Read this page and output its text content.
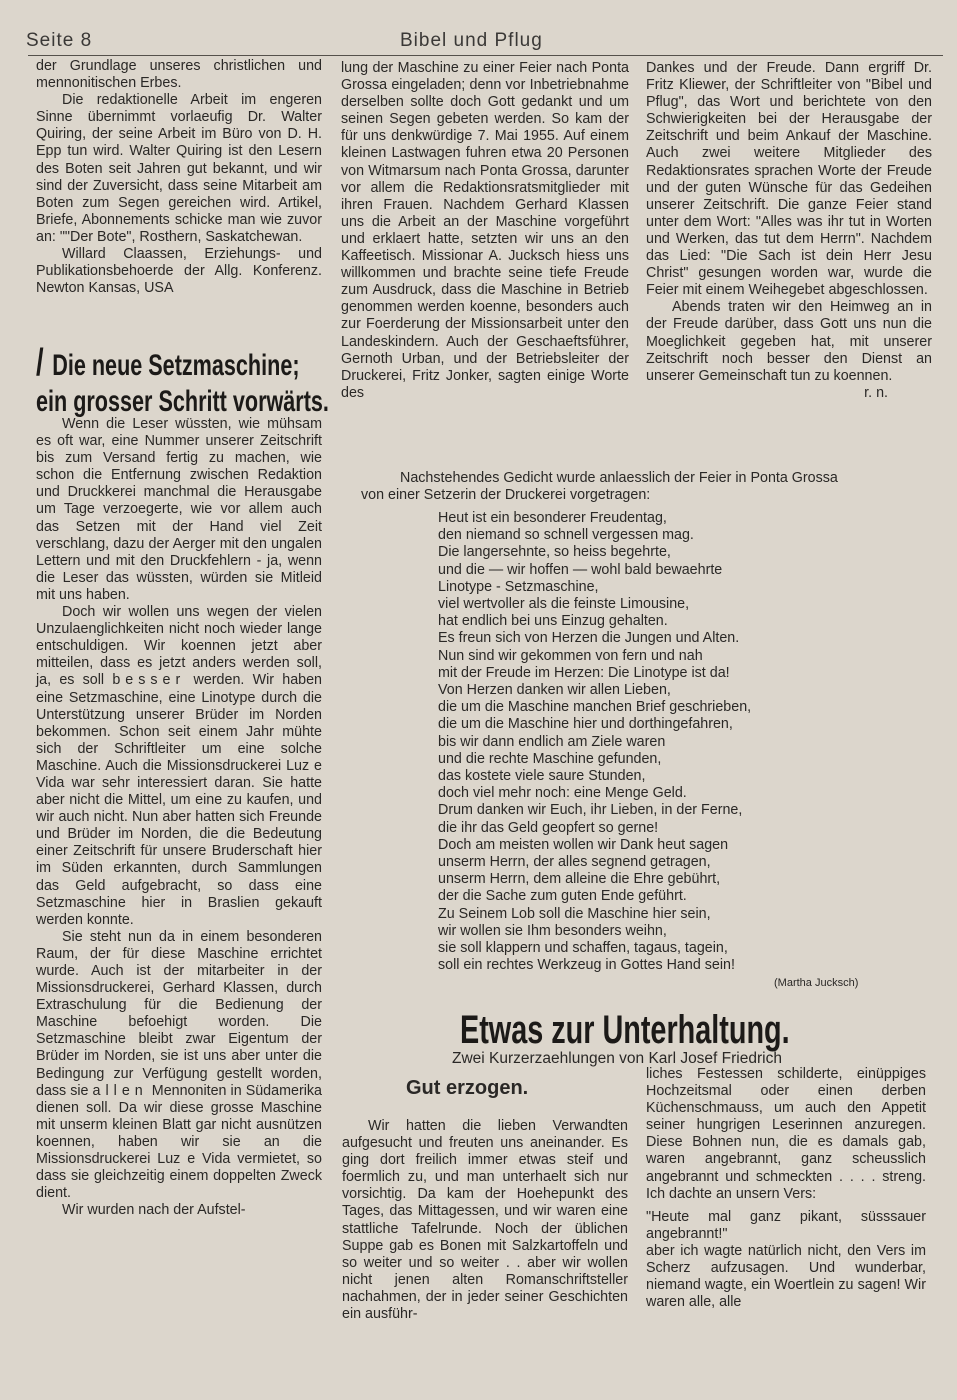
Seite 8	Bibel und Pflug

der Grundlage unseres christlichen und mennonitischen Erbes.

Die redaktionelle Arbeit im engeren Sinne übernimmt vorlaeufig Dr. Walter Quiring, der seine Arbeit im Büro von D. H. Epp tun wird. Walter Quiring ist den Lesern des Boten seit Jahren gut bekannt, und wir sind der Zuversicht, dass seine Mitarbeit am Boten zum Segen gereichen wird. Artikel, Briefe, Abonnements schicke man wie zuvor an: ""Der Bote", Rosthern, Saskatchewan.

Willard Claassen, Erziehungs- und Publikationsbehoerde der Allg. Konferenz. Newton Kansas, USA

/ Die neue Setzmaschine;
ein grosser Schritt vorwärts.

Wenn die Leser wüssten, wie mühsam es oft war, eine Nummer unserer Zeitschrift bis zum Versand fertig zu machen, wie schon die Entfernung zwischen Redaktion und Druckkerei manchmal die Herausgabe um Tage verzoegerte, wie vor allem auch das Setzen mit der Hand viel Zeit verschlang, dazu der Aerger mit den ungalen Lettern und mit den Druckfehlern - ja, wenn die Leser das wüssten, würden sie Mitleid mit uns haben.

Doch wir wollen uns wegen der vielen Unzulaenglichkeiten nicht noch wieder lange entschuldigen. Wir koennen jetzt aber mitteilen, dass es jetzt anders werden soll, ja, es soll besser werden. Wir haben eine Setzmaschine, eine Linotype durch die Unterstützung unserer Brüder im Norden bekommen. Schon seit einem Jahr mühte sich der Schriftleiter um eine solche Maschine. Auch die Missionsdruckerei Luz e Vida war sehr interessiert daran. Sie hatte aber nicht die Mittel, um eine zu kaufen, und wir auch nicht. Nun aber hatten sich Freunde und Brüder im Norden, die die Bedeutung einer Zeitschrift für unsere Bruderschaft hier im Süden erkannten, durch Sammlungen das Geld aufgebracht, so dass eine Setzmaschine hier in Braslien gekauft werden konnte.

Sie steht nun da in einem besonderen Raum, der für diese Maschine errichtet wurde. Auch ist der mitarbeiter in der Missionsdruckerei, Gerhard Klassen, durch Extraschulung für die Bedienung der Maschine befoehigt worden. Die Setzmaschine bleibt zwar Eigentum der Brüder im Norden, sie ist uns aber unter die Bedingung zur Verfügung gestellt worden, dass sie allen Mennoniten in Südamerika dienen soll. Da wir diese grosse Maschine mit unserm kleinen Blatt gar nicht ausnützen koennen, haben wir sie an die Missionsdruckerei Luz e Vida vermietet, so dass sie gleichzeitig einem doppelten Zweck dient.

Wir wurden nach der Aufstel-

lung der Maschine zu einer Feier nach Ponta Grossa eingeladen; denn vor Inbetriebnahme derselben sollte doch Gott gedankt und um seinen Segen gebeten werden. So kam der für uns denkwürdige 7. Mai 1955. Auf einem kleinen Lastwagen fuhren etwa 20 Personen von Witmarsum nach Ponta Grossa, darunter vor allem die Redaktionsratsmitglieder mit ihren Frauen. Nachdem Gerhard Klassen uns die Arbeit an der Maschine vorgeführt und erklaert hatte, setzten wir uns an den Kaffeetisch. Missionar A. Jucksch hiess uns willkommen und brachte seine tiefe Freude zum Ausdruck, dass die Maschine in Betrieb genommen werden koenne, besonders auch zur Foerderung der Missionsarbeit unter den Landeskindern. Auch der Geschaeftsführer, Gernoth Urban, und der Betriebsleiter der Druckerei, Fritz Jonker, sagten einige Worte des

Dankes und der Freude. Dann ergriff Dr. Fritz Kliewer, der Schriftleiter von "Bibel und Pflug", das Wort und berichtete von den Schwierigkeiten bei der Herausgabe der Zeitschrift und beim Ankauf der Maschine. Auch zwei weitere Mitglieder des Redaktionsrates sprachen Worte der Freude und der guten Wünsche für das Gedeihen unserer Zeitschrift. Die ganze Feier stand unter dem Wort: "Alles was ihr tut in Worten und Werken, das tut dem Herrn". Nachdem das Lied: "Die Sach ist dein Herr Jesu Christ" gesungen worden war, wurde die Feier mit einem Weihegebet abgeschlossen.

Abends traten wir den Heimweg an in der Freude darüber, dass Gott uns nun die Moeglichkeit gegeben hat, mit unserer Zeitschrift noch besser den Dienst an unserer Gemeinschaft tun zu koennen.

r. n.

Nachstehendes Gedicht wurde anlaesslich der Feier in Ponta Grossa
von einer Setzerin der Druckerei vorgetragen:

Heut ist ein besonderer Freudentag,

den niemand so schnell vergessen mag.

Die langersehnte, so heiss begehrte,

und die — wir hoffen — wohl bald bewaehrte

Linotype - Setzmaschine,

viel wertvoller als die feinste Limousine,

hat endlich bei uns Einzug gehalten.

Es freun sich von Herzen die Jungen und Alten.

Nun sind wir gekommen von fern und nah

mit der Freude im Herzen: Die Linotype ist da!

Von Herzen danken wir allen Lieben,

die um die Maschine manchen Brief geschrieben,

die um die Maschine hier und dorthingefahren,

bis wir dann endlich am Ziele waren

und die rechte Maschine gefunden,

das kostete viele saure Stunden,

doch viel mehr noch: eine Menge Geld.

Drum danken wir Euch, ihr Lieben, in der Ferne,

die ihr das Geld geopfert so gerne!

Doch am meisten wollen wir Dank heut sagen

unserm Herrn, der alles segnend getragen,

unserm Herrn, dem alleine die Ehre gebührt,

der die Sache zum guten Ende geführt.

Zu Seinem Lob soll die Maschine hier sein,

wir wollen sie Ihm besonders weihn,

sie soll klappern und schaffen, tagaus, tagein,

soll ein rechtes Werkzeug in Gottes Hand sein!

(Martha Jucksch)
Etwas zur Unterhaltung.
Zwei Kurzerzaehlungen von Karl Josef Friedrich
Gut erzogen.

Wir hatten die lieben Verwandten aufgesucht und freuten uns aneinander. Es ging dort freilich immer etwas steif und foermlich zu, und man unterhaelt sich nur vorsichtig. Da kam der Hoehepunkt des Tages, das Mittagessen, und wir waren eine stattliche Tafelrunde. Noch der üblichen Suppe gab es Bonen mit Salzkartoffeln und so weiter und so weiter . . aber wir wollen nicht jenen alten Romanschriftsteller nachahmen, der in jeder seiner Geschichten ein ausführ-

liches Festessen schilderte, einüppiges Hochzeitsmal oder einen derben Küchenschmauss, um auch den Appetit seiner hungrigen Leserinnen anzuregen. Diese Bohnen nun, die es damals gab, waren angebrannt, ganz scheusslich angebrannt und schmeckten . . . . streng. Ich dachte an unsern Vers:

"Heute mal ganz pikant, süsssauer angebrannt!"

aber ich wagte natürlich nicht, den Vers im Scherz aufzusagen. Und wunderbar, niemand wagte, ein Woertlein zu sagen! Wir waren alle, alle
